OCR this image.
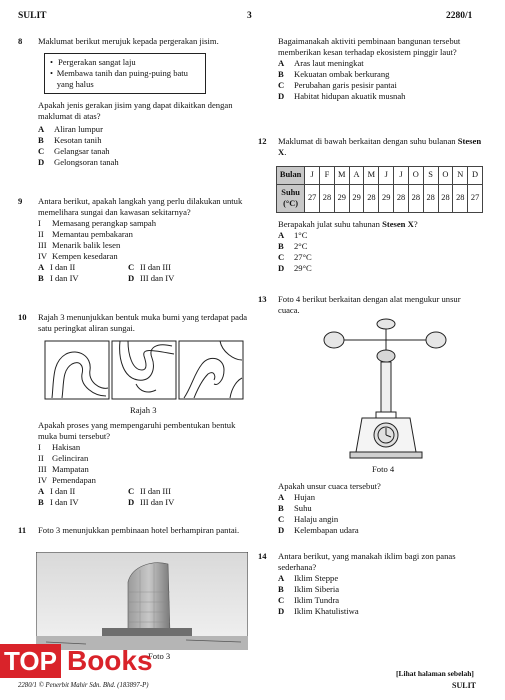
SULIT	3	2280/1
8	Maklumat berikut merujuk kepada pergerakan jisim.
• Pergerakan sangat laju
• Membawa tanih dan puing-puing batu yang halus
Apakah jenis gerakan jisim yang dapat dikaitkan dengan maklumat di atas?
A	Aliran lumpur
B	Kesotan tanih
C	Gelangsar tanah
D	Gelongsoran tanah
9	Antara berikut, apakah langkah yang perlu dilakukan untuk memelihara sungai dan kawasan sekitarnya?
I	Memasang perangkap sampah
II Memantau pembakaran
III Menarik balik lesen
IV Kempen kesedaran
A I dan II	C II dan III
B I dan IV	D III dan IV
10	Rajah 3 menunjukkan bentuk muka bumi yang terdapat pada satu peringkat aliran sungai.
Rajah 3
Apakah proses yang mempengaruhi pembentukan bentuk muka bumi tersebut?
I	Hakisan
II Gelinciran
III Mampatan
IV Pemendapan
A I dan II	C II dan III
B I dan IV	D III dan IV
11	Foto 3 menunjukkan pembinaan hotel berhampiran pantai.
Bagaimanakah aktiviti pembinaan bangunan tersebut memberikan kesan terhadap ekosistem pinggir laut?
A	Aras laut meningkat
B	Kekuatan ombak berkurang
C	Perubahan garis pesisir pantai
D	Habitat hidupan akuatik musnah
12	Maklumat di bawah berkaitan dengan suhu bulanan Stesen X.
Bulan	J	F	M	A	M	J	J	O	S	O	N	D
Suhu (°C)	27	28	29	29	28	29	28	28	28	28	28	27
Berapakah julat suhu tahunan Stesen X?
A	1°C
B	2°C
C	27°C
D	29°C
13	Foto 4 berikut berkaitan dengan alat mengukur unsur cuaca.
Foto 4
Apakah unsur cuaca tersebut?
A	Hujan
B	Suhu
C	Halaju angin
D	Kelembapan udara
14	Antara berikut, yang manakah iklim bagi zon panas sederhana?
A	Iklim Steppe
B	Iklim Siberia
C	Iklim Tundra
D	Iklim Khatulistiwa
Foto 3
TOP Books
2280/1 © Penerbit Mahir Sdn. Bhd. (183897-P)
[Lihat halaman sebelah]
SULIT
